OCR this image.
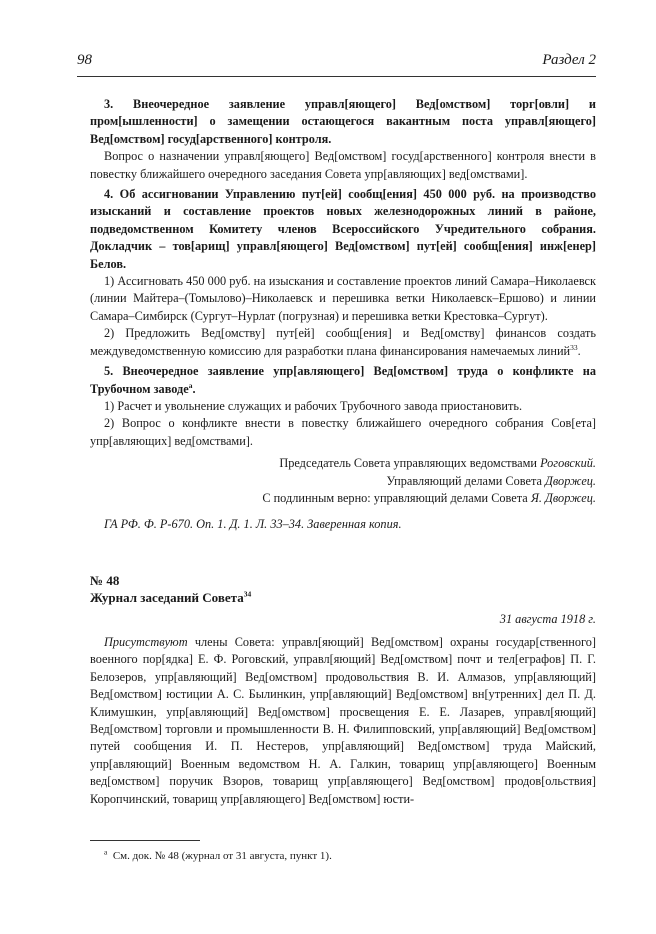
98	Раздел 2

3. Внеочередное заявление управл[яющего] Вед[омством] торг[овли] и пром[ышленности] о замещении остающегося вакантным поста управл[яющего] Вед[омством] госуд[арственного] контроля.

Вопрос о назначении управл[яющего] Вед[омством] госуд[арственного] контроля внести в повестку ближайшего очередного заседания Совета упр[авляющих] вед[омствами].

4. Об ассигновании Управлению пут[ей] сообщ[ения] 450 000 руб. на производство изысканий и составление проектов новых железнодорожных линий в районе, подведомственном Комитету членов Всероссийского Учредительного собрания. Докладчик – тов[арищ] управл[яющего] Вед[омством] пут[ей] сообщ[ения] инж[енер] Белов.

1) Ассигновать 450 000 руб. на изыскания и составление проектов линий Самара–Николаевск (линии Майтера–(Томылово)–Николаевск и перешивка ветки Николаевск–Ершово) и линии Самара–Симбирск (Сургут–Нурлат (погрузная) и перешивка ветки Крестовка–Сургут).

2) Предложить Вед[омству] пут[ей] сообщ[ения] и Вед[омству] финансов создать междуведомственную комиссию для разработки плана финансирования намечаемых линий$^{33}$.

5. Внеочередное заявление упр[авляющего] Вед[омством] труда о конфликте на Трубочном заводе$^а$.

1) Расчет и увольнение служащих и рабочих Трубочного завода приостановить.

2) Вопрос о конфликте внести в повестку ближайшего очередного собрания Сов[ета] упр[авляющих] вед[омствами].

Председатель Совета управляющих ведомствами Роговский.

Управляющий делами Совета Дворжец.

С подлинным верно: управляющий делами Совета Я. Дворжец.

ГА РФ. Ф. Р-670. Оп. 1. Д. 1. Л. 33–34. Заверенная копия.

№ 48

Журнал заседаний Совета$^{34}$

31 августа 1918 г.

Присутствуют члены Совета: управл[яющий] Вед[омством] охраны государ[ственного] военного пор[ядка] Е. Ф. Роговский, управл[яющий] Вед[омством] почт и тел[еграфов] П. Г. Белозеров, упр[авляющий] Вед[омством] продовольствия В. И. Алмазов, упр[авляющий] Вед[омством] юстиции А. С. Былинкин, упр[авляющий] Вед[омством] вн[утренних] дел П. Д. Климушкин, упр[авляющий] Вед[омством] просвещения Е. Е. Лазарев, управл[яющий] Вед[омством] торговли и промышленности В. Н. Филипповский, упр[авляющий] Вед[омством] путей сообщения И. П. Нестеров, упр[авляющий] Вед[омством] труда Майский, упр[авляющий] Военным ведомством Н. А. Галкин, товарищ упр[авляющего] Военным вед[омством] поручик Взоров, товарищ упр[авляющего] Вед[омством] продов[ольствия] Коропчинский, товарищ упр[авляющего] Вед[омством] юсти-

$^а$ См. док. № 48 (журнал от 31 августа, пункт 1).
